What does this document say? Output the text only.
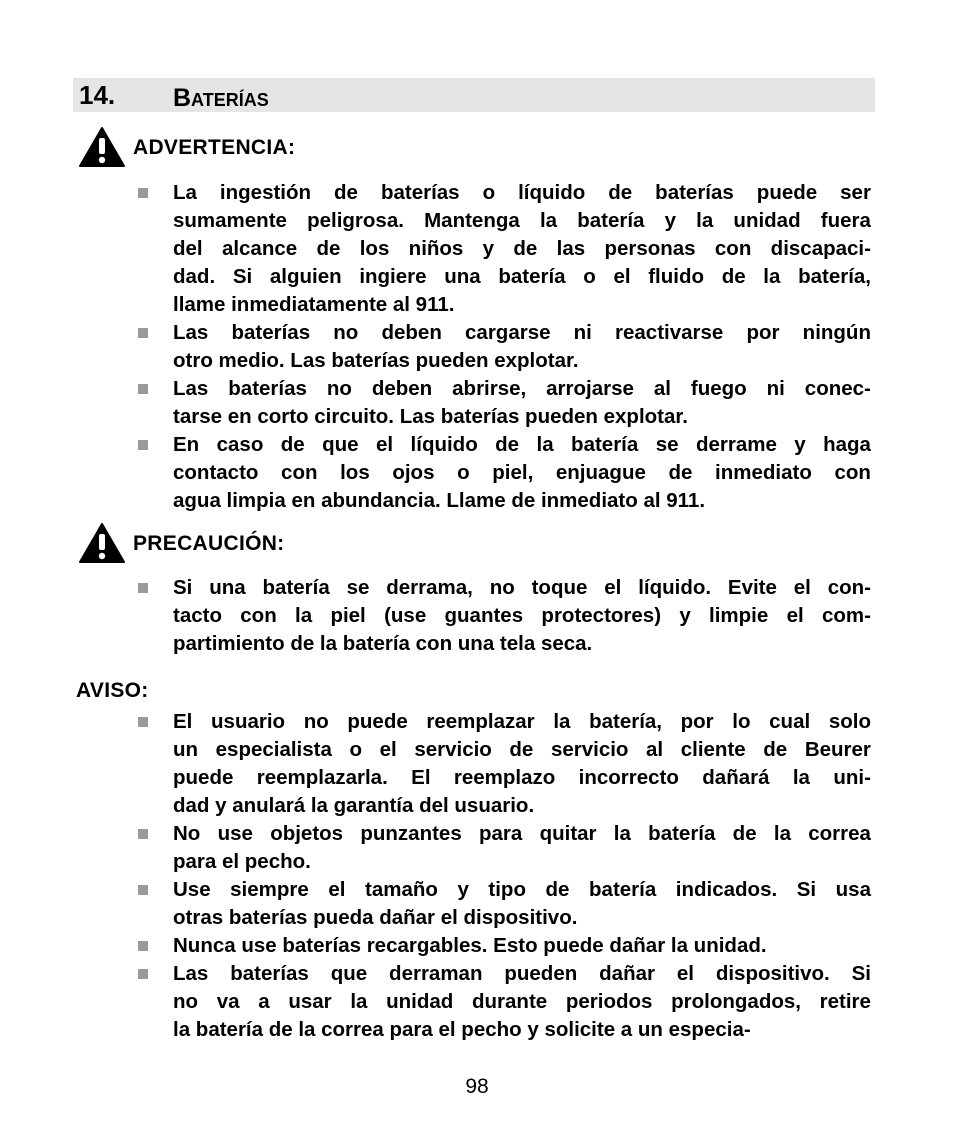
14. Baterías
ADVERTENCIA:
La ingestión de baterías o líquido de baterías puede ser
sumamente peligrosa. Mantenga la batería y la unidad fuera
del alcance de los niños y de las personas con discapaci-
dad. Si alguien ingiere una batería o el fluido de la batería,
llame inmediatamente al 911.
Las baterías no deben cargarse ni reactivarse por ningún
otro medio. Las baterías pueden explotar.
Las baterías no deben abrirse, arrojarse al fuego ni conec-
tarse en corto circuito. Las baterías pueden explotar.
En caso de que el líquido de la batería se derrame y haga
contacto con los ojos o piel, enjuague de inmediato con
agua limpia en abundancia. Llame de inmediato al 911.
PRECAUCIÓN:
Si una batería se derrama, no toque el líquido. Evite el con-
tacto con la piel (use guantes protectores) y limpie el com-
partimiento de la batería con una tela seca.
AVISO:
El usuario no puede reemplazar la batería, por lo cual solo
un especialista o el servicio de servicio al cliente de Beurer
puede reemplazarla. El reemplazo incorrecto dañará la uni-
dad y anulará la garantía del usuario.
No use objetos punzantes para quitar la batería de la correa
para el pecho.
Use siempre el tamaño y tipo de batería indicados. Si usa
otras baterías pueda dañar el dispositivo.
Nunca use baterías recargables. Esto puede dañar la unidad.
Las baterías que derraman pueden dañar el dispositivo. Si
no va a usar la unidad durante periodos prolongados, retire
la batería de la correa para el pecho y solicite a un especia-
98
